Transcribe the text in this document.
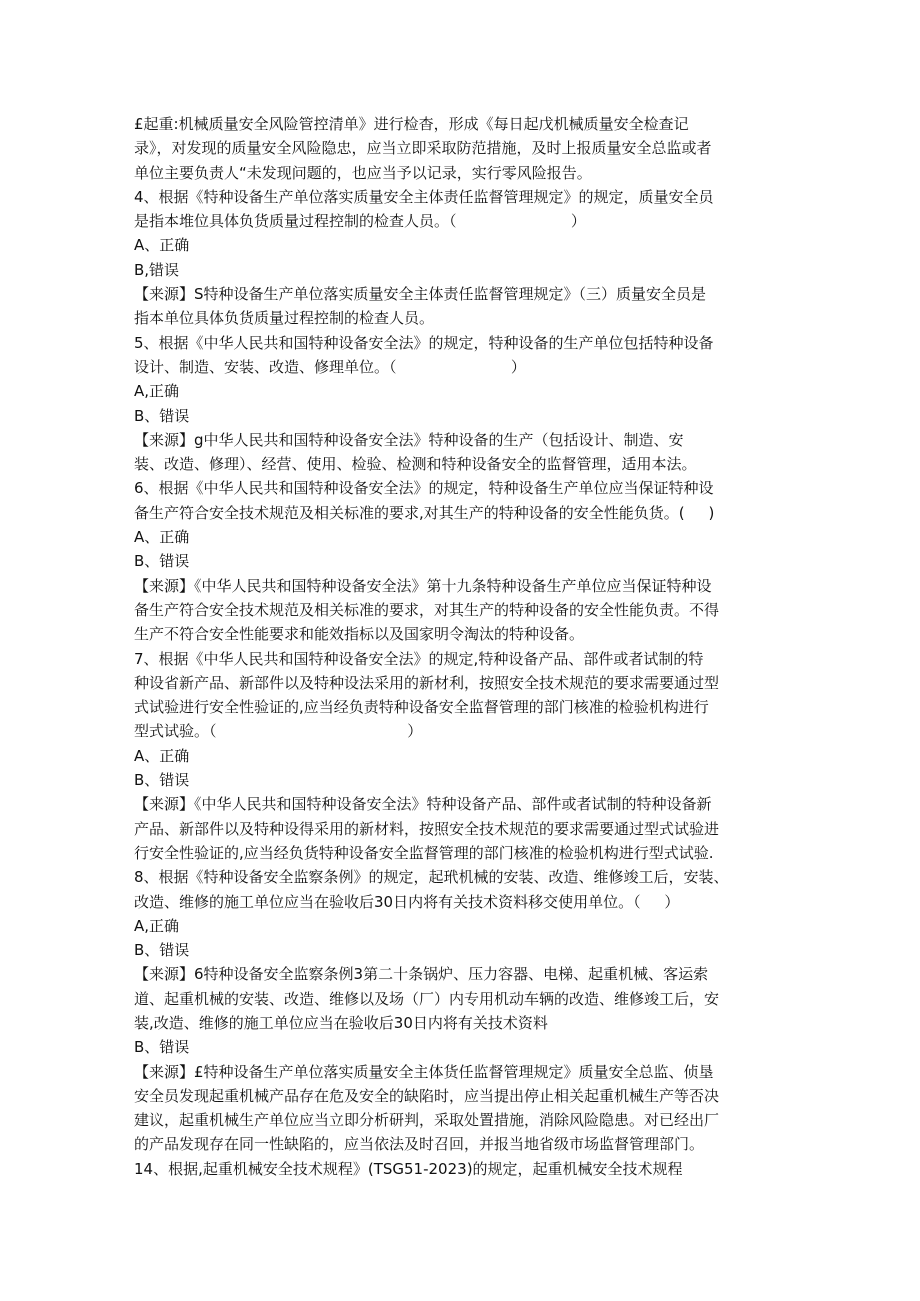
£起重:机械质量安全风险管控清单》进行检杳，形成《每日起戊机械质量安全检查记
录》，对发现的质量安全风险隐忠，应当立即采取防范措施，及时上报质量安全总监或者
单位主要负责人“未发现问题的，也应当予以记录，实行零风险报告。
4、根据《特种设备生产单位落实质量安全主体责任监督管理规定》的规定，质量安全员
是指本堆位具体负货质量过程控制的检查人员。（                        ）
A、正确
B,错误
【来源】S特种设备生产单位落实质量安全主体责任监督管理规定》（三）质量安全员是
指本单位具体负货质量过程控制的检查人员。
5、根据《中华人民共和国特种设备安全法》的规定，特种设备的生产单位包括特种设备
设计、制造、安装、改造、修理单位。（                        ）
A,正确
B、错误
【来源】g中华人民共和国特种设备安全法》特种设备的生产（包括设计、制造、安
装、改造、修理）、经营、使用、检验、检测和特种设备安全的监督管理，适用本法。
6、根据《中华人民共和国特种设备安全法》的规定，特种设备生产单位应当保证特种设
备生产符合安全技术规范及相关标准的要求,对其生产的特种设备的安全性能负货。(     )
A、正确
B、错误
【来源】《中华人民共和国特种设备安全法》第十九条特种设备生产单位应当保证特种设
备生产符合安全技术规范及相关标准的要求，对其生产的特种设备的安全性能负责。不得
生产不符合安全性能要求和能效指标以及国家明令淘汰的特种设备。
7、根据《中华人民共和国特种设备安全法》的规定,特种设备产品、部件或者试制的特
种设省新产品、新部件以及特种设法采用的新材利，按照安全技术规范的要求需要通过型
式试验进行安全性验证的,应当经负责特种设备安全监督管理的部门核准的检验机构进行
型式试验。（                                        ）
A、正确
B、错误
【来源】《中华人民共和国特种设备安全法》特种设备产品、部件或者试制的特种设备新
产品、新部件以及特种设得采用的新材料，按照安全技术规范的要求需要通过型式试验进
行安全性验证的,应当经负货特种设备安全监督管理的部门核准的检验机构进行型式试验.
8、根据《特种设备安全监察条例》的规定，起玳机械的安装、改造、维修竣工后，安装、
改造、维修的施工单位应当在验收后30日内将有关技术资料移交使用单位。（     ）
A,正确
B、错误
【来源】6特种设备安全监察条例3第二十条锅炉、压力容器、电梯、起重机械、客运索
道、起重机械的安装、改造、维修以及场（厂）内专用机动车辆的改造、维修竣工后，安
装,改造、维修的施工单位应当在验收后30日内将有关技术资料
B、错误
【来源】£特种设备生产单位落实质量安全主体货任监督管理规定》质量安全总监、侦垦
安全员发现起重机械产品存在危及安全的缺陷时，应当提出停止相关起重机械生产等否决
建议，起重机械生产单位应当立即分析研判，采取处置措施，消除风险隐患。对已经出厂
的产品发现存在同一性缺陷的，应当依法及时召回，并报当地省级市场监督管理部门。
14、根据,起重机械安全技术规程》(TSG51-2023)的规定，起重机械安全技术规程
